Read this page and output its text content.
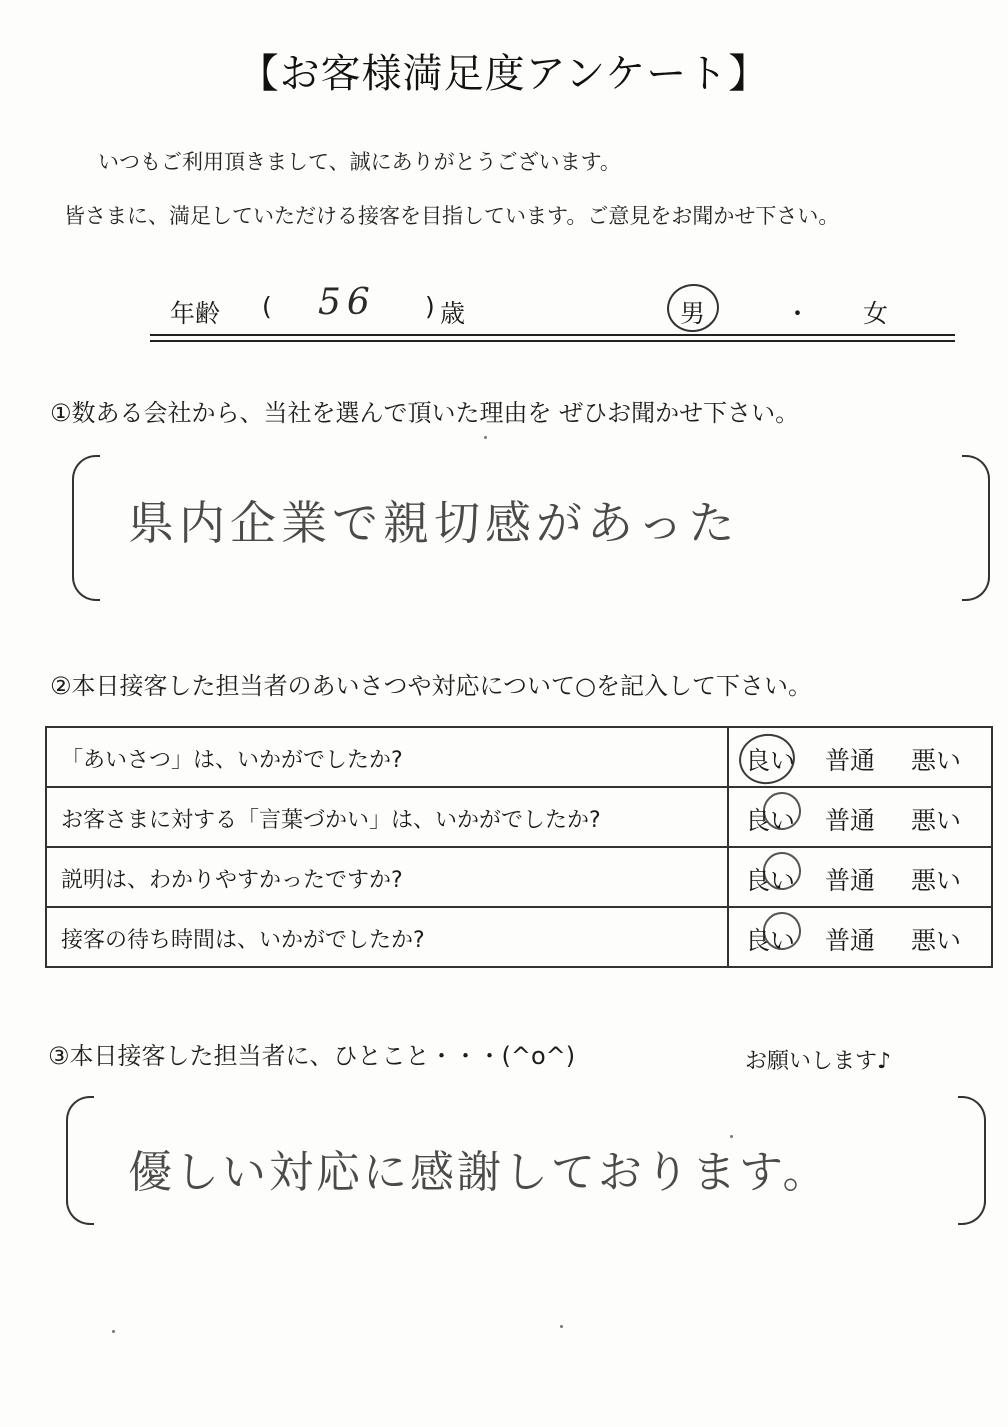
【お客様満足度アンケート】
いつもご利用頂きまして、誠にありがとうございます。
皆さまに、満足していただける接客を目指しています。ご意見をお聞かせ下さい。
年齢 ( 56 ) 歳	男	・ 女
①数ある会社から、当社を選んで頂いた理由を ぜひお聞かせ下さい。
県内企業で親切感があった
②本日接客した担当者のあいさつや対応について○を記入して下さい。
「あいさつ」は、いかがでしたか?	良い 普通 悪い
お客さまに対する「言葉づかい」は、いかがでしたか?	良い 普通 悪い
説明は、わかりやすかったですか?	良い 普通 悪い
接客の待ち時間は、いかがでしたか?	良い 普通 悪い
③本日接客した担当者に、ひとこと・・・(^o^)	お願いします♪
優しい対応に感謝しております。
